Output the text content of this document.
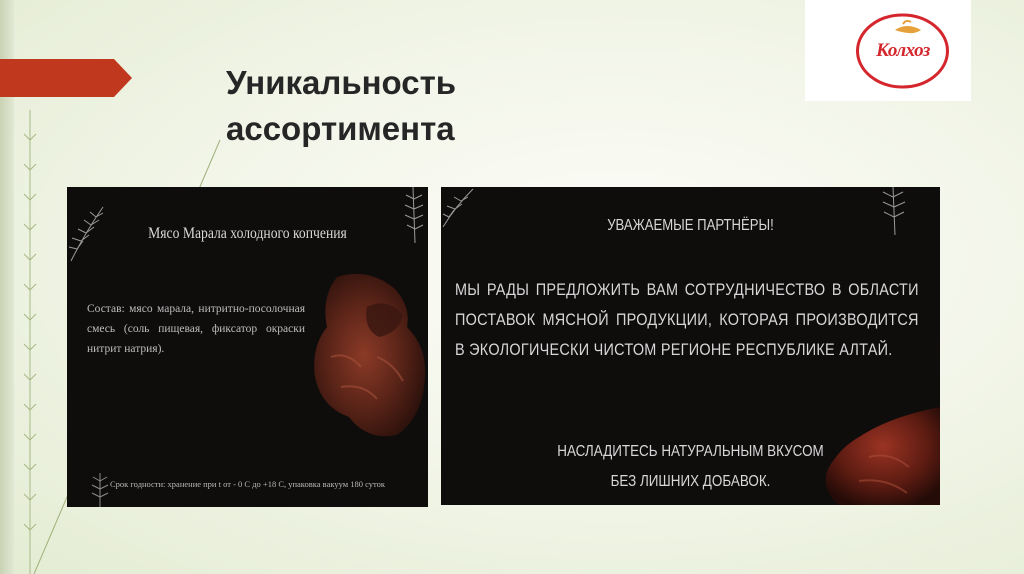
Уникальность
ассортимента
Колхоз
Мясо Марала холодного копчения
Состав: мясо марала, нитритно-посолочная смесь (соль пищевая, фиксатор окраски нитрит натрия).
Срок годности: хранение при t от - 0 С до +18 С, упаковка вакуум 180 суток
УВАЖАЕМЫЕ ПАРТНЁРЫ!
МЫ РАДЫ ПРЕДЛОЖИТЬ ВАМ СОТРУДНИЧЕСТВО В ОБЛАСТИ ПОСТАВОК МЯСНОЙ ПРОДУКЦИИ, КОТОРАЯ ПРОИЗВОДИТСЯ В ЭКОЛОГИЧЕСКИ ЧИСТОМ РЕГИОНЕ РЕСПУБЛИКЕ АЛТАЙ.
НАСЛАДИТЕСЬ НАТУРАЛЬНЫМ ВКУСОМ
БЕЗ ЛИШНИХ ДОБАВОК.
